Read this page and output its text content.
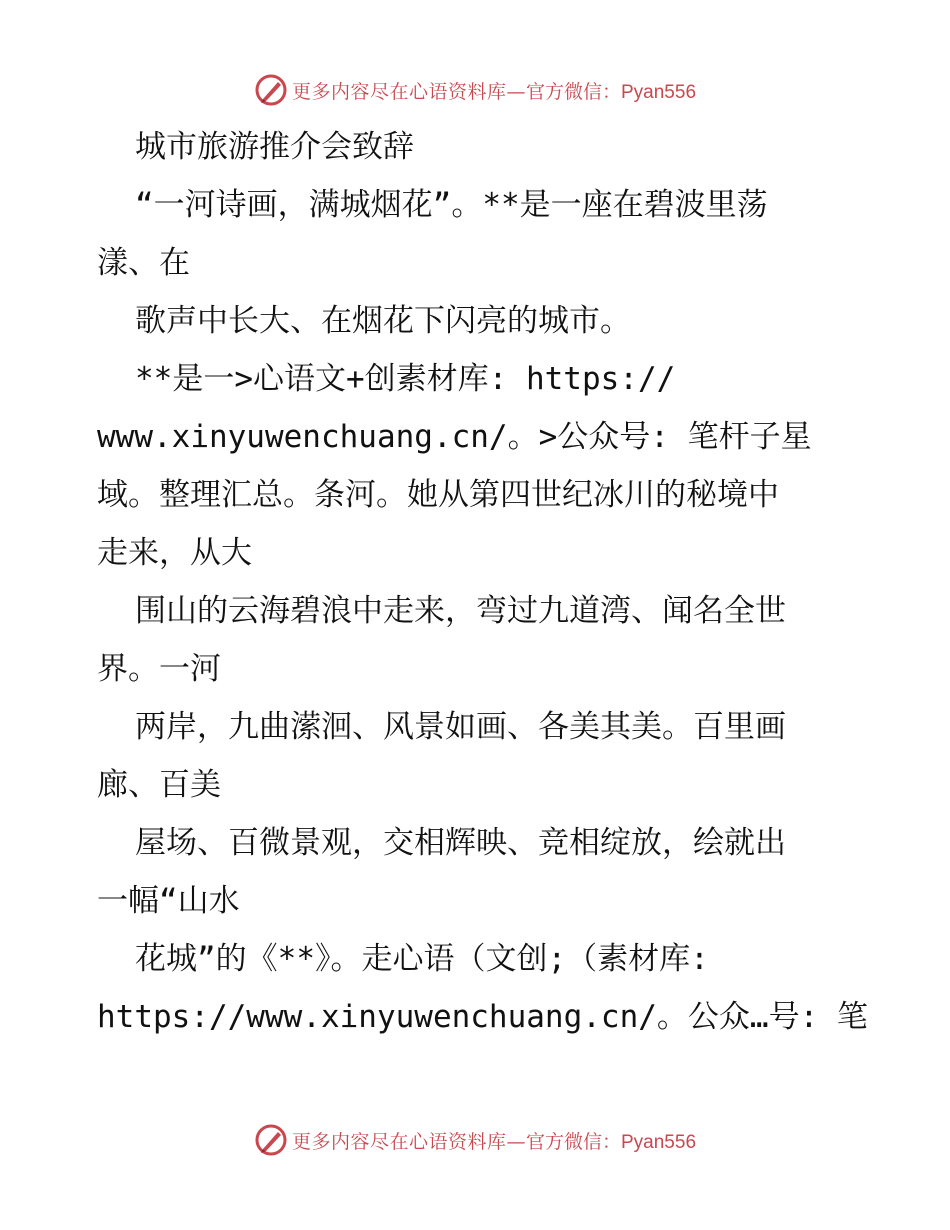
更多内容尽在心语资料库— 官方微信：Pyan556
城市旅游推介会致辞
“一河诗画，满城烟花”。**是一座在碧波里荡
漾、在
歌声中长大、在烟花下闪亮的城市。
**是一>心语文+创素材库: https://
www.xinyuwenchuang.cn/。>公众号: 笔杆子星
域。整理汇总。条河。她从第四世纪冰川的秘境中
走来，从大
围山的云海碧浪中走来，弯过九道湾、闻名全世
界。一河
两岸，九曲潆洄、风景如画、各美其美。百里画
廊、百美
屋场、百微景观，交相辉映、竞相绽放，绘就出
一幅“山水
花城”的《**》。走心语（文创;（素材库:
https://www.xinyuwenchuang.cn/。公众…号: 笔
更多内容尽在心语资料库— 官方微信：Pyan556
